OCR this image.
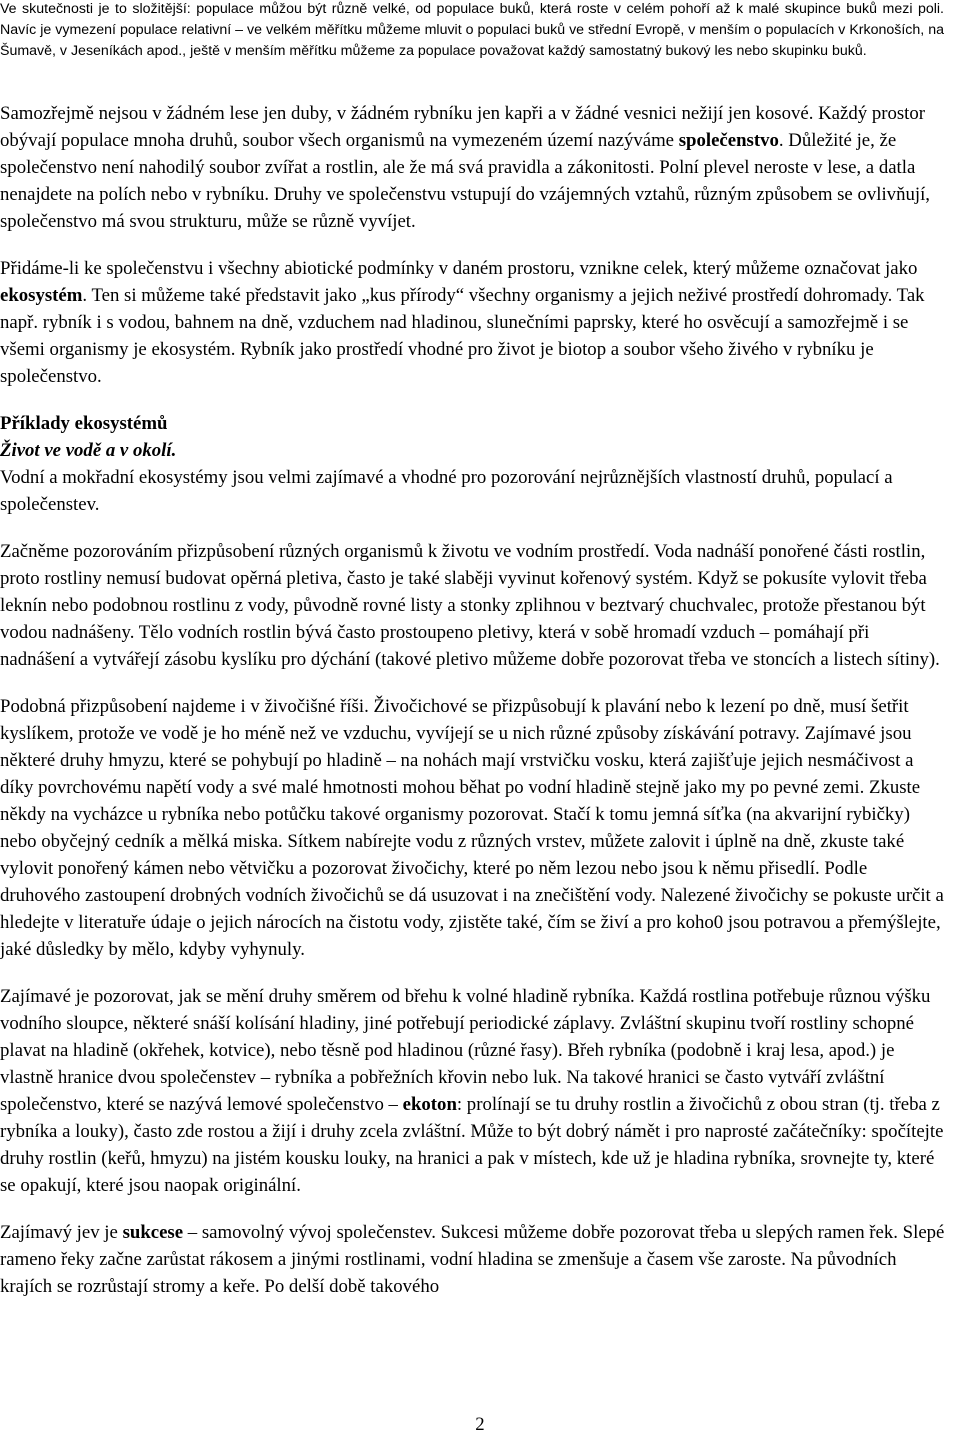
Ve skutečnosti je to složitější: populace můžou být různě velké, od populace buků, která roste v celém pohoří až k malé skupince buků mezi poli. Navíc je vymezení populace relativní – ve velkém měřítku můžeme mluvit o populaci buků ve střední Evropě, v menším o populacích v Krkonoších, na Šumavě, v Jeseníkách apod., ještě v menším měřítku můžeme za populace považovat každý samostatný bukový les nebo skupinku buků.

Samozřejmě nejsou v žádném lese jen duby, v žádném rybníku jen kapři a v žádné vesnici nežijí jen kosové. Každý prostor obývají populace mnoha druhů, soubor všech organismů na vymezeném území nazýváme společenstvo. Důležité je, že společenstvo není nahodilý soubor zvířat a rostlin, ale že má svá pravidla a zákonitosti. Polní plevel neroste v lese, a datla nenajdete na polích nebo v rybníku. Druhy ve společenstvu vstupují do vzájemných vztahů, různým způsobem se ovlivňují, společenstvo má svou strukturu, může se různě vyvíjet.

Přidáme-li ke společenstvu i všechny abiotické podmínky v daném prostoru, vznikne celek, který můžeme označovat jako ekosystém. Ten si můžeme také představit jako „kus přírody“ všechny organismy a jejich neživé prostředí dohromady. Tak např. rybník i s vodou, bahnem na dně, vzduchem nad hladinou, slunečními paprsky, které ho osvěcují a samozřejmě i se všemi organismy je ekosystém. Rybník jako prostředí vhodné pro život je biotop a soubor všeho živého v rybníku je společenstvo.

Příklady ekosystémů

Život ve vodě a v okolí.

Vodní a mokřadní ekosystémy jsou velmi zajímavé a vhodné pro pozorování nejrůznějších vlastností druhů, populací a společenstev.

Začněme pozorováním přizpůsobení různých organismů k životu ve vodním prostředí. Voda nadnáší ponořené části rostlin, proto rostliny nemusí budovat opěrná pletiva, často je také slaběji vyvinut kořenový systém. Když se pokusíte vylovit třeba leknín nebo podobnou rostlinu z vody, původně rovné listy a stonky zplihnou v beztvarý chuchvalec, protože přestanou být vodou nadnášeny. Tělo vodních rostlin bývá často prostoupeno pletivy, která v sobě hromadí vzduch – pomáhají při nadnášení a vytvářejí zásobu kyslíku pro dýchání (takové pletivo můžeme dobře pozorovat třeba ve stoncích a listech sítiny).

Podobná přizpůsobení najdeme i v živočišné říši. Živočichové se přizpůsobují k plavání nebo k lezení po dně, musí šetřit kyslíkem, protože ve vodě je ho méně než ve vzduchu, vyvíjejí se u nich různé způsoby získávání potravy. Zajímavé jsou některé druhy hmyzu, které se pohybují po hladině – na nohách mají vrstvičku vosku, která zajišťuje jejich nesmáčivost a díky povrchovému napětí vody a své malé hmotnosti mohou běhat po vodní hladině stejně jako my po pevné zemi. Zkuste někdy na vycházce u rybníka nebo potůčku takové organismy pozorovat. Stačí k tomu jemná síťka (na akvarijní rybičky) nebo obyčejný cedník a mělká miska. Sítkem nabírejte vodu z různých vrstev, můžete zalovit i úplně na dně, zkuste také vylovit ponořený kámen nebo větvičku a pozorovat živočichy, které po něm lezou nebo jsou k němu přisedlí. Podle druhového zastoupení drobných vodních živočichů se dá usuzovat i na znečištění vody. Nalezené živočichy se pokuste určit a hledejte v literatuře údaje o jejich nárocích na čistotu vody, zjistěte také, čím se živí a pro koho0 jsou potravou a přemýšlejte, jaké důsledky by mělo, kdyby vyhynuly.

Zajímavé je pozorovat, jak se mění druhy směrem od břehu k volné hladině rybníka. Každá rostlina potřebuje různou výšku vodního sloupce, některé snáší kolísání hladiny, jiné potřebují periodické záplavy. Zvláštní skupinu tvoří rostliny schopné plavat na hladině (okřehek, kotvice), nebo těsně pod hladinou (různé řasy). Břeh rybníka (podobně i kraj lesa, apod.) je vlastně hranice dvou společenstev – rybníka a pobřežních křovin nebo luk. Na takové hranici se často vytváří zvláštní společenstvo, které se nazývá lemové společenstvo – ekoton: prolínají se tu druhy rostlin a živočichů z obou stran (tj. třeba z rybníka a louky), často zde rostou a žijí i druhy zcela zvláštní. Může to být dobrý námět i pro naprosté začátečníky: spočítejte druhy rostlin (keřů, hmyzu) na jistém kousku louky, na hranici a pak v místech, kde už je hladina rybníka, srovnejte ty, které se opakují, které jsou naopak originální.

Zajímavý jev je sukcese – samovolný vývoj společenstev. Sukcesi můžeme dobře pozorovat třeba u slepých ramen řek. Slepé rameno řeky začne zarůstat rákosem a jinými rostlinami, vodní hladina se zmenšuje a časem vše zaroste. Na původních krajích se rozrůstají stromy a keře. Po delší době takového

2
